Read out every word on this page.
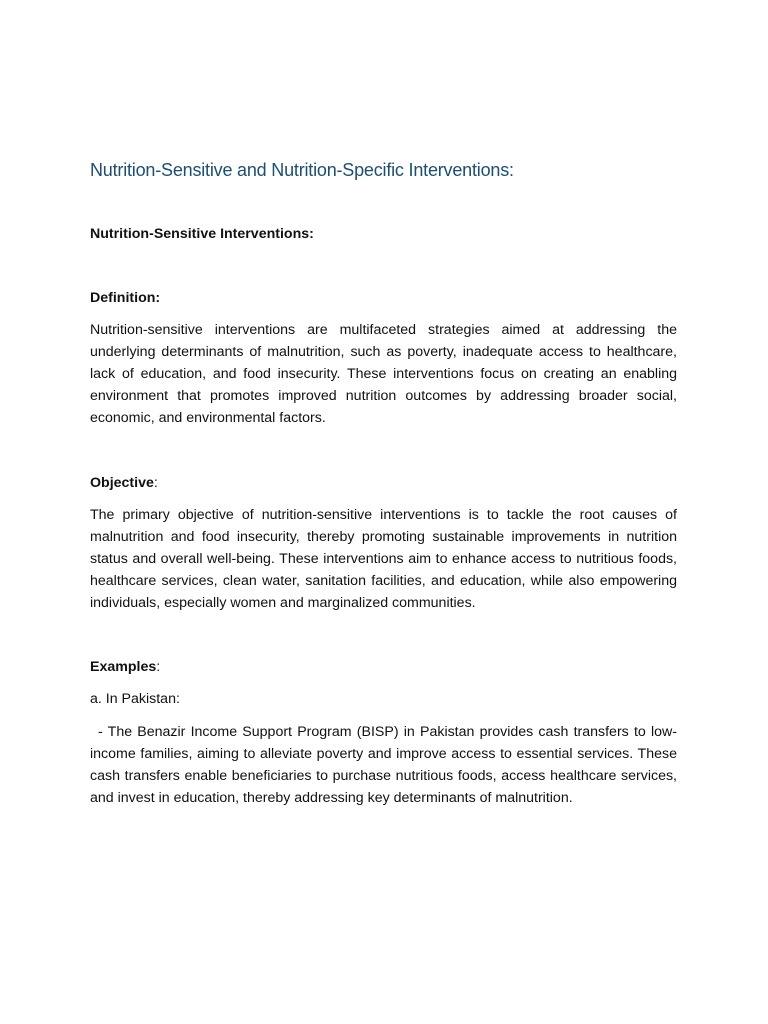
Nutrition-Sensitive and Nutrition-Specific Interventions:

Nutrition-Sensitive Interventions:

Definition:

Nutrition-sensitive interventions are multifaceted strategies aimed at addressing the underlying determinants of malnutrition, such as poverty, inadequate access to healthcare, lack of education, and food insecurity. These interventions focus on creating an enabling environment that promotes improved nutrition outcomes by addressing broader social, economic, and environmental factors.

Objective:

The primary objective of nutrition-sensitive interventions is to tackle the root causes of malnutrition and food insecurity, thereby promoting sustainable improvements in nutrition status and overall well-being. These interventions aim to enhance access to nutritious foods, healthcare services, clean water, sanitation facilities, and education, while also empowering individuals, especially women and marginalized communities.

Examples:

a. In Pakistan:

- The Benazir Income Support Program (BISP) in Pakistan provides cash transfers to low-income families, aiming to alleviate poverty and improve access to essential services. These cash transfers enable beneficiaries to purchase nutritious foods, access healthcare services, and invest in education, thereby addressing key determinants of malnutrition.
